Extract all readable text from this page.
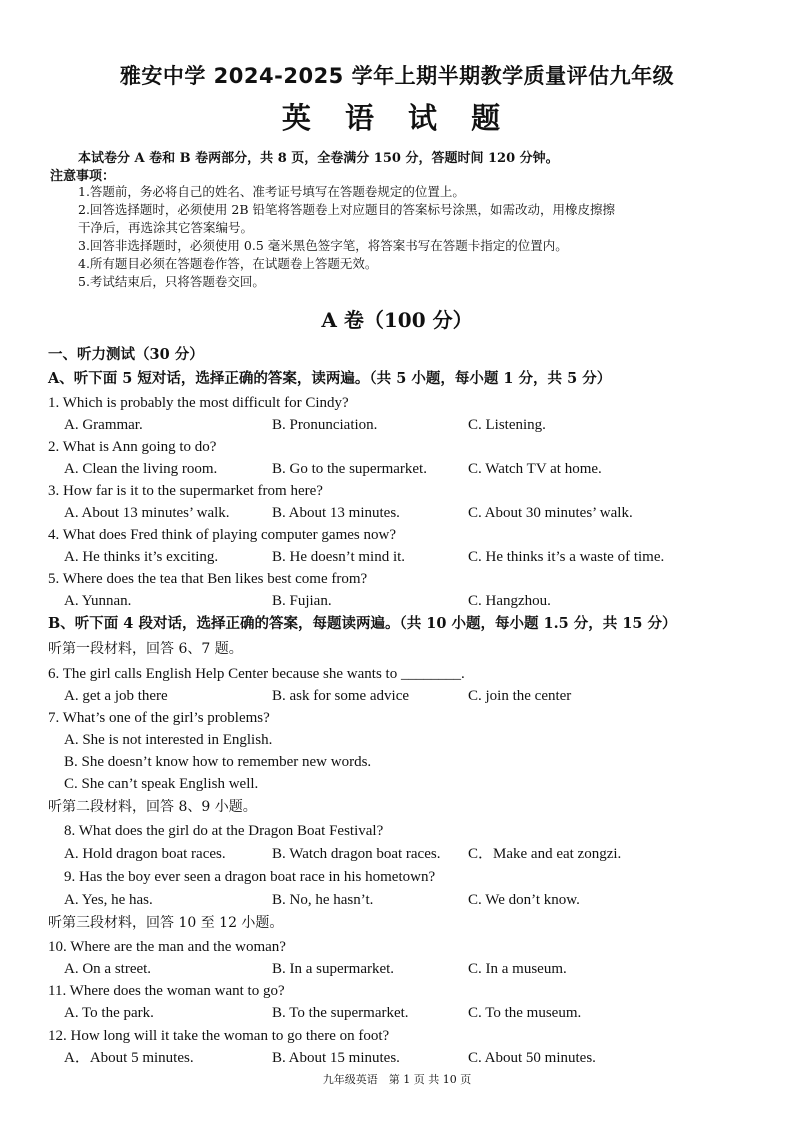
雅安中学 2024-2025 学年上期半期教学质量评估九年级
英 语 试 题
本试卷分 A 卷和 B 卷两部分，共 8 页，全卷满分 150 分，答题时间 120 分钟。
注意事项：
1.答题前，务必将自己的姓名、准考证号填写在答题卷规定的位置上。
2.回答选择题时，必须使用 2B 铅笔将答题卷上对应题目的答案标号涂黑，如需改动，用橡皮擦擦
干净后，再选涂其它答案编号。
3.回答非选择题时，必须使用 0.5 毫米黑色签字笔，将答案书写在答题卡指定的位置内。
4.所有题目必须在答题卷作答，在试题卷上答题无效。
5.考试结束后，只将答题卷交回。
A 卷（100 分）
一、听力测试（30 分）
A、听下面 5 短对话，选择正确的答案，读两遍。（共 5 小题，每小题 1 分，共 5 分）
1. Which is probably the most difficult for Cindy?
A. Grammar.	B. Pronunciation.	C. Listening.
2. What is Ann going to do?
A. Clean the living room.	B. Go to the supermarket.	C. Watch TV at home.
3. How far is it to the supermarket from here?
A. About 13 minutes’ walk.	B. About 13 minutes.	C. About 30 minutes’ walk.
4. What does Fred think of playing computer games now?
A. He thinks it’s exciting.	B. He doesn’t mind it.	C. He thinks it’s a waste of time.
5. Where does the tea that Ben likes best come from?
A. Yunnan.	B. Fujian.	C. Hangzhou.
B、听下面 4 段对话，选择正确的答案，每题读两遍。（共 10 小题，每小题 1.5 分，共 15 分）
听第一段材料，回答 6、7 题。
6. The girl calls English Help Center because she wants to ________.
A. get a job there	B. ask for some advice	C. join the center
7. What’s one of the girl’s problems?
A. She is not interested in English.
B. She doesn’t know how to remember new words.
C. She can’t speak English well.
听第二段材料，回答 8、9 小题。
8. What does the girl do at the Dragon Boat Festival?
A. Hold dragon boat races.	B. Watch dragon boat races. C．Make and eat zongzi.
9. Has the boy ever seen a dragon boat race in his hometown?
A. Yes, he has.	B. No, he hasn’t.	C. We don’t know.
听第三段材料，回答 10 至 12 小题。
10. Where are the man and the woman?
A. On a street.	B. In a supermarket.	C. In a museum.
11. Where does the woman want to go?
A. To the park.	B. To the supermarket.	C. To the museum.
12. How long will it take the woman to go there on foot?
A．About 5 minutes.	B. About 15 minutes.	C. About 50 minutes.
九年级英语　第 1 页 共 10 页
